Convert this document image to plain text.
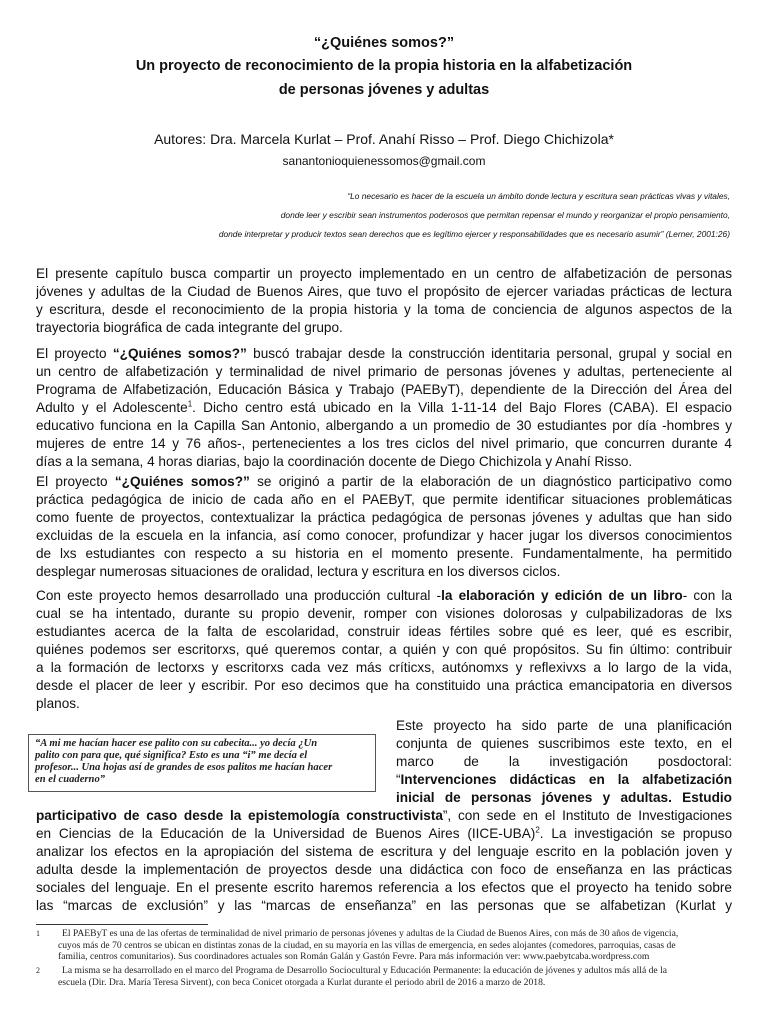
“¿Quiénes somos?”
Un proyecto de reconocimiento de la propia historia en la alfabetización
de personas jóvenes y adultas
Autores: Dra. Marcela Kurlat – Prof. Anahí Risso – Prof. Diego Chichizola*
sanantonioquienessomos@gmail.com
“Lo necesario es hacer de la escuela un ámbito donde lectura y escritura sean prácticas vivas y vitales,
donde leer y escribir sean instrumentos poderosos que permitan repensar el mundo y reorganizar el propio pensamiento,
donde interpretar y producir textos sean derechos que es legítimo ejercer y responsabilidades que es necesario asumir” (Lerner, 2001:26)
El presente capítulo busca compartir un proyecto implementado en un centro de alfabetización de personas
jóvenes y adultas de la Ciudad de Buenos Aires, que tuvo el propósito de ejercer variadas prácticas de lectura
y escritura, desde el reconocimiento de la propia historia y la toma de conciencia de algunos aspectos de la
trayectoria biográfica de cada integrante del grupo.
El proyecto “¿Quiénes somos?” buscó trabajar desde la construcción identitaria personal, grupal y social en
un centro de alfabetización y terminalidad de nivel primario de personas jóvenes y adultas, perteneciente al
Programa de Alfabetización, Educación Básica y Trabajo (PAEByT), dependiente de la Dirección del Área del
Adulto y el Adolescente$^1$. Dicho centro está ubicado en la Villa 1-11-14 del Bajo Flores (CABA). El espacio
educativo funciona en la Capilla San Antonio, albergando a un promedio de 30 estudiantes por día -hombres y
mujeres de entre 14 y 76 años-, pertenecientes a los tres ciclos del nivel primario, que concurren durante 4
días a la semana, 4 horas diarias, bajo la coordinación docente de Diego Chichizola y Anahí Risso.
El proyecto “¿Quiénes somos?” se originó a partir de la elaboración de un diagnóstico participativo como
práctica pedagógica de inicio de cada año en el PAEByT, que permite identificar situaciones problemáticas
como fuente de proyectos, contextualizar la práctica pedagógica de personas jóvenes y adultas que han sido
excluidas de la escuela en la infancia, así como conocer, profundizar y hacer jugar los diversos conocimientos
de lxs estudiantes con respecto a su historia en el momento presente. Fundamentalmente, ha permitido
desplegar numerosas situaciones de oralidad, lectura y escritura en los diversos ciclos.
Con este proyecto hemos desarrollado una producción cultural -la elaboración y edición de un libro- con la
cual se ha intentado, durante su propio devenir, romper con visiones dolorosas y culpabilizadoras de lxs
estudiantes acerca de la falta de escolaridad, construir ideas fértiles sobre qué es leer, qué es escribir,
quiénes podemos ser escritorxs, qué queremos contar, a quién y con qué propósitos. Su fin último: contribuir
a la formación de lectorxs y escritorxs cada vez más críticxs, autónomxs y reflexivxs a lo largo de la vida,
desde el placer de leer y escribir. Por eso decimos que ha constituido una práctica emancipatoria en diversos
planos.
“A mi me hacían hacer ese palito con su cabecita... yo decía ¿Un
palito con para que, qué significa? Esto es una “i” me decía el
profesor... Una hojas así de grandes de esos palitos me hacían hacer
en el cuaderno”
Este proyecto ha sido parte de una planificación
conjunta de quienes suscribimos este texto, en el
marco de la investigación posdoctoral:
“Intervenciones didácticas en la alfabetización
inicial de personas jóvenes y adultas. Estudio
participativo de caso desde la epistemología constructivista”, con sede en el Instituto de Investigaciones
en Ciencias de la Educación de la Universidad de Buenos Aires (IICE-UBA)$^2$. La investigación se propuso
analizar los efectos en la apropiación del sistema de escritura y del lenguaje escrito en la población joven y
adulta desde la implementación de proyectos desde una didáctica con foco de enseñanza en las prácticas
sociales del lenguaje. En el presente escrito haremos referencia a los efectos que el proyecto ha tenido sobre
las “marcas de exclusión” y las “marcas de enseñanza” en las personas que se alfabetizan (Kurlat y
1	El PAEByT es una de las ofertas de terminalidad de nivel primario de personas jóvenes y adultas de la Ciudad de Buenos Aires, con más de 30 años de vigencia,
cuyos más de 70 centros se ubican en distintas zonas de la ciudad, en su mayoría en las villas de emergencia, en sedes alojantes (comedores, parroquias, casas de
familia, centros comunitarios). Sus coordinadores actuales son Román Galán y Gastón Fevre. Para más información ver: www.paebytcaba.wordpress.com
2	La misma se ha desarrollado en el marco del Programa de Desarrollo Sociocultural y Educación Permanente: la educación de jóvenes y adultos más allá de la
escuela (Dir. Dra. María Teresa Sirvent), con beca Conicet otorgada a Kurlat durante el periodo abril de 2016 a marzo de 2018.
